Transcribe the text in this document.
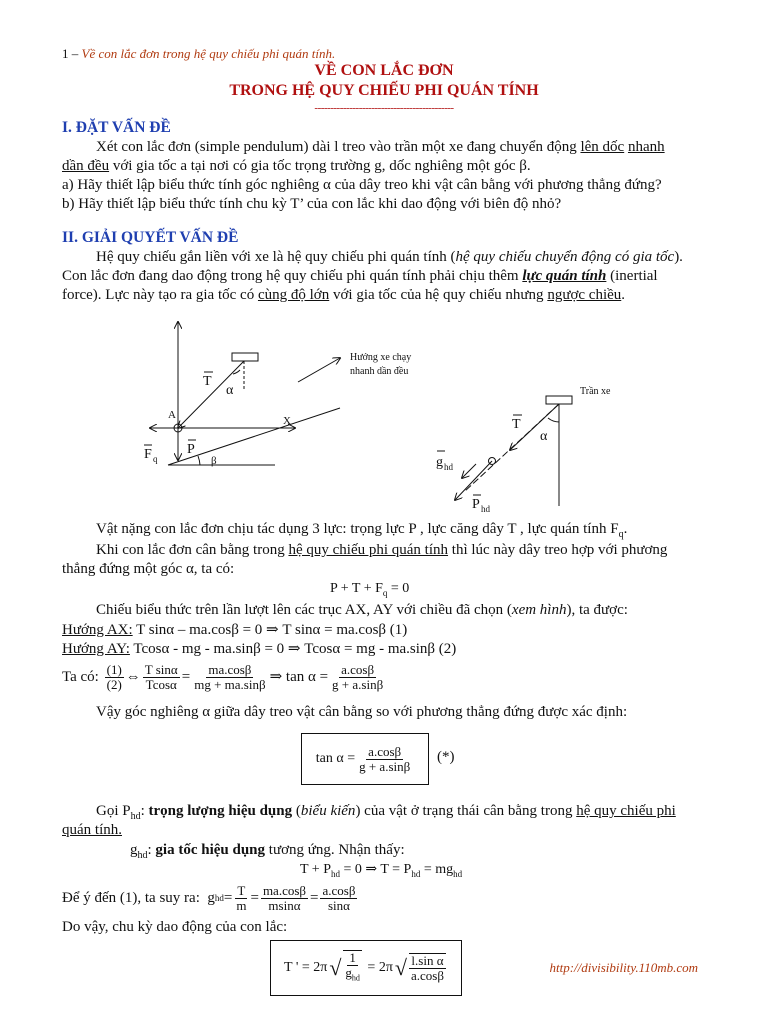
1 – Về con lắc đơn trong hệ quy chiếu phi quán tính.
VỀ CON LẮC ĐƠN
TRONG HỆ QUY CHIẾU PHI QUÁN TÍNH
--------------------------------------------
I. ĐẶT VẤN ĐỀ
Xét con lắc đơn (simple pendulum) dài l treo vào trần một xe đang chuyển động lên dốc nhanh
dần đều với gia tốc a tại nơi có gia tốc trọng trường g, dốc nghiêng một góc β.
a) Hãy thiết lập biểu thức tính góc nghiêng α của dây treo khi vật cân bằng với phương thẳng đứng?
b) Hãy thiết lập biểu thức tính chu kỳ T’ của con lắc khi dao động với biên độ nhỏ?
II. GIẢI QUYẾT VẤN ĐỀ
Hệ quy chiếu gắn liền với xe là hệ quy chiếu phi quán tính (hệ quy chiếu chuyển động có gia tốc).
Con lắc đơn đang dao động trong hệ quy chiếu phi quán tính phải chịu thêm lực quán tính (inertial
force). Lực này tạo ra gia tốc có cùng độ lớn với gia tốc của hệ quy chiếu nhưng ngược chiều.
T
α
A	X
P
F q	β
Hướng xe chạy
nhanh dần đều
Trần xe
T
α
g hd
P hd
Vật nặng con lắc đơn chịu tác dụng 3 lực: trọng lực P , lực căng dây T , lực quán tính $F_q$.
Khi con lắc đơn cân bằng trong hệ quy chiếu phi quán tính thì lúc này dây treo hợp với phương
thẳng đứng một góc α, ta có:
$P + T + F_q = 0$
Chiếu biểu thức trên lần lượt lên các trục AX, AY với chiều đã chọn (xem hình), ta được:
Hướng AX: T sinα – ma.cosβ = 0 ⇒ T sinα = ma.cosβ (1)
Hướng AY: Tcosα - mg - ma.sinβ = 0 ⇒ Tcosα = mg - ma.sinβ (2)
Ta có:
$\frac{(1)}{(2)}$ ⇔ $\frac{\text{T sinα}}{Tcos\alpha} = \frac{ma.\cos\beta}{mg + ma.\sin\beta}$ ⇒ $\tan \alpha = \frac{a.\cos\beta}{g + a.\sin\beta}$
Vậy góc nghiêng α giữa dây treo vật cân bằng so với phương thẳng đứng được xác định:
$\tan \alpha = \frac{a.\cos\beta}{g + a.\sin\beta}$ (*)
Gọi $P_{hd}$: trọng lượng hiệu dụng (biểu kiến) của vật ở trạng thái cân bằng trong hệ quy chiếu phi
quán tính.
$g_{hd}$: gia tốc hiệu dụng tương ứng. Nhận thấy:
$T + P_{hd} = 0$ ⇒ $T = P_{hd} = mg_{hd}$
Để ý đến (1), ta suy ra: g hd = $\frac{T}{m} = \frac{ma.\cos\beta}{msin\alpha} = \frac{a.\cos\beta}{\sin\alpha}$
Do vậy, chu kỳ dao động của con lắc:
T ' = 2π √ $\frac{1}{g_{hd}}$
= 2π √ $\frac{\text{l.sin α}}{a.\cos\beta}$	http://divisibility.110mb.com
